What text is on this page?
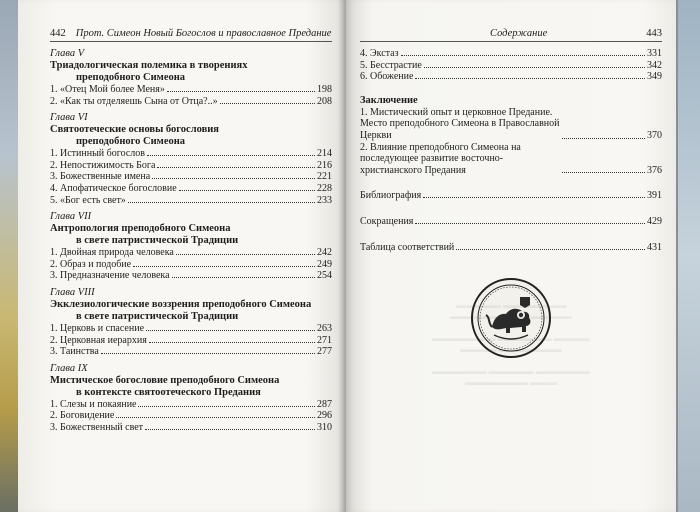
442 Прот. Симеон Новый Богослов и православное Предание
Глава V
Триадологическая полемика в творениях
преподобного Симеона
1. «Отец Мой более Меня»	198
2. «Как ты отделяешь Сына от Отца?..»	208
Глава VI
Святоотеческие основы богословия
преподобного Симеона
1. Истинный богослов	214
2. Непостижимость Бога	216
3. Божественные имена	221
4. Апофатическое богословие	228
5. «Бог есть свет»	233
Глава VII
Антропология преподобного Симеона
в свете патристической Традиции
1. Двойная природа человека	242
2. Образ и подобие	249
3. Предназначение человека	254
Глава VIII
Экклезиологические воззрения преподобного Симеона
в свете патристической Традиции
1. Церковь и спасение	263
2. Церковная иерархия	271
3. Таинства	277
Глава IX
Мистическое богословие преподобного Симеона
в контексте святоотеческого Предания
1. Слезы и покаяние	287
2. Боговидение	296
3. Божественный свет	310
Содержание	443
4. Экстаз	331
5. Бесстрастие	342
6. Обожение	349
Заключение
1. Мистический опыт и церковное Предание. Место преподобного Симеона в Православной Церкви	370
2. Влияние преподобного Симеона на последующее развитие восточно-христианского Предания	376
Библиография	391
Сокращения	429
Таблица соответствий	431
▬▬▬▬▬ ▬▬▬▬▬▬▬
▬▬▬▬ ▬▬▬▬▬▬ ▬▬▬

▬▬▬▬▬▬▬ ▬▬▬▬▬▬ ▬▬▬▬
▬▬▬▬ ▬▬▬▬▬▬▬

▬▬▬▬▬▬ ▬▬▬▬▬ ▬▬▬▬▬▬
▬▬▬▬▬▬▬ ▬▬▬
